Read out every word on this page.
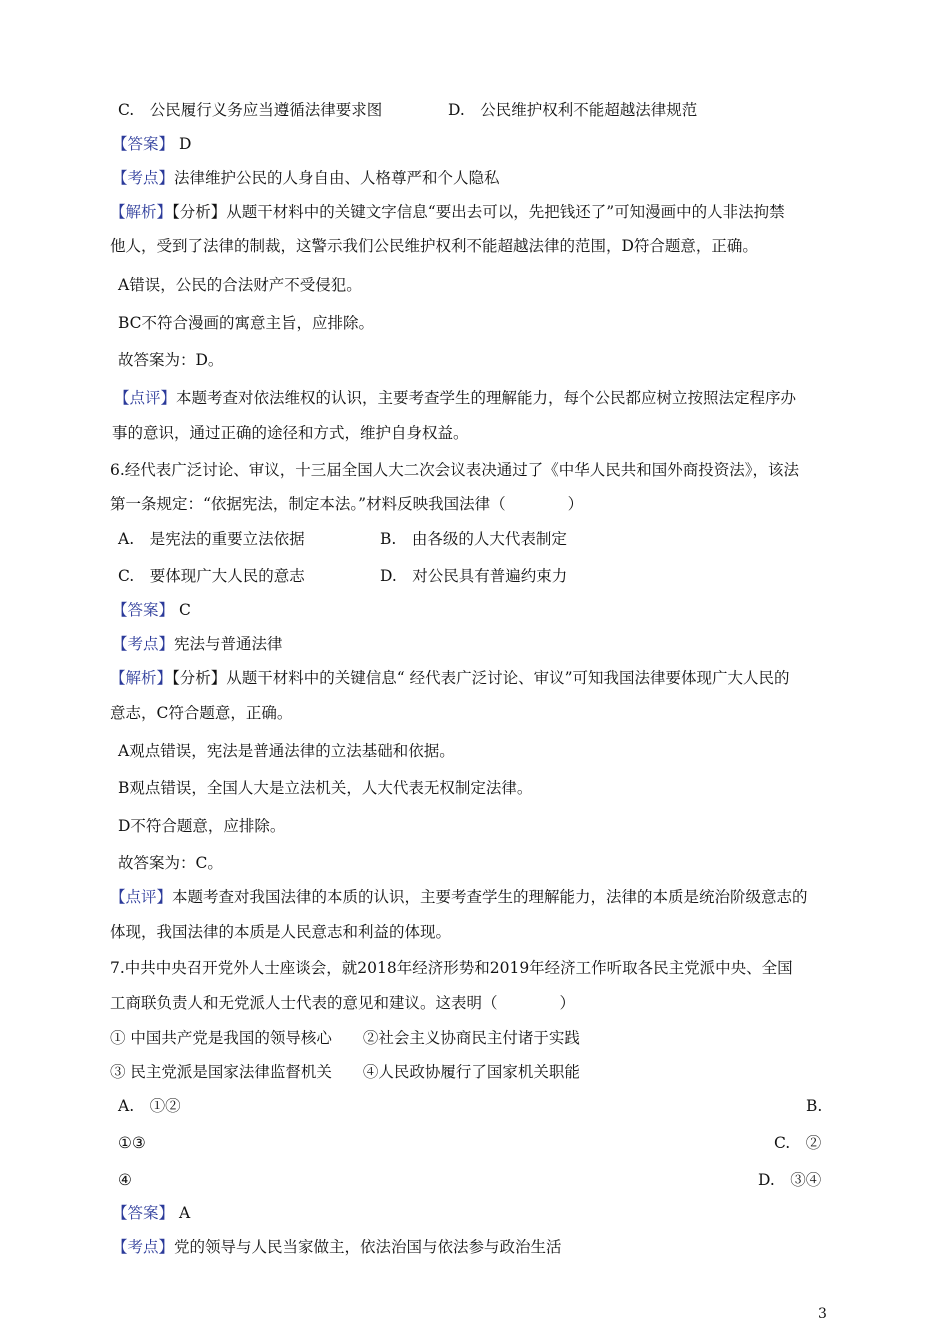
C.　公民履行义务应当遵循法律要求图	D.　公民维护权利不能超越法律规范
【答案】 D
【考点】法律维护公民的人身自由、人格尊严和个人隐私
【解析】【分析】从题干材料中的关键文字信息“要出去可以，先把钱还了”可知漫画中的人非法拘禁
他人，受到了法律的制裁，这警示我们公民维护权利不能超越法律的范围，D符合题意，正确。
A错误，公民的合法财产不受侵犯。
BC不符合漫画的寓意主旨，应排除。
故答案为：D。
【点评】本题考查对依法维权的认识，主要考查学生的理解能力，每个公民都应树立按照法定程序办
事的意识，通过正确的途径和方式，维护自身权益。
6.经代表广泛讨论、审议，十三届全国人大二次会议表决通过了《中华人民共和国外商投资法》，该法
第一条规定：“依据宪法，制定本法。”材料反映我国法律（　　　　）
A.　是宪法的重要立法依据	B.　由各级的人大代表制定
C.　要体现广大人民的意志	D.　对公民具有普遍约束力
【答案】 C
【考点】宪法与普通法律
【解析】【分析】从题干材料中的关键信息“ 经代表广泛讨论、审议”可知我国法律要体现广大人民的
意志，C符合题意，正确。
A观点错误，宪法是普通法律的立法基础和依据。
B观点错误，全国人大是立法机关，人大代表无权制定法律。
D不符合题意，应排除。
故答案为：C。
【点评】本题考查对我国法律的本质的认识，主要考查学生的理解能力，法律的本质是统治阶级意志的
体现，我国法律的本质是人民意志和利益的体现。
7.中共中央召开党外人士座谈会，就2018年经济形势和2019年经济工作听取各民主党派中央、全国
工商联负责人和无党派人士代表的意见和建议。这表明（　　　　）
① 中国共产党是我国的领导核心　　②社会主义协商民主付诸于实践
③ 民主党派是国家法律监督机关　　④人民政协履行了国家机关职能
A.　①②	B.
①③	C.　②
④	D.　③④
【答案】 A
【考点】党的领导与人民当家做主，依法治国与依法参与政治生活
3
